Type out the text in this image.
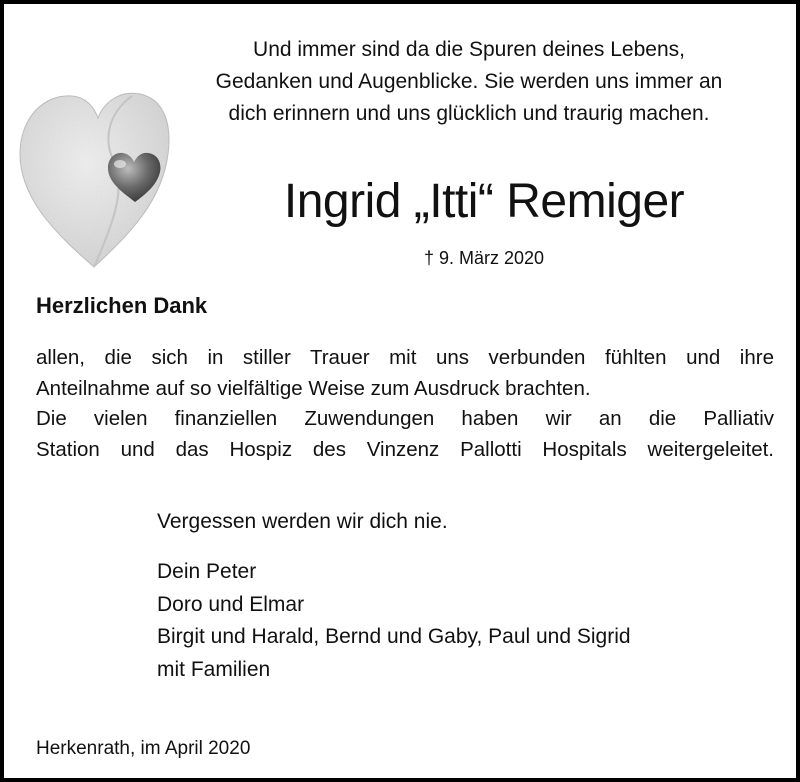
Und immer sind da die Spuren deines Lebens,
Gedanken und Augenblicke. Sie werden uns immer an
dich erinnern und uns glücklich und traurig machen.
Ingrid „Itti“ Remiger
† 9. März 2020
Herzlichen Dank
allen, die sich in stiller Trauer mit uns verbunden fühlten und ihre
Anteilnahme auf so vielfältige Weise zum Ausdruck brachten.
Die vielen finanziellen Zuwendungen haben wir an die Palliativ
Station und das Hospiz des Vinzenz Pallotti Hospitals weitergeleitet.
Vergessen werden wir dich nie.
Dein Peter
Doro und Elmar
Birgit und Harald, Bernd und Gaby, Paul und Sigrid
mit Familien
Herkenrath, im April 2020
